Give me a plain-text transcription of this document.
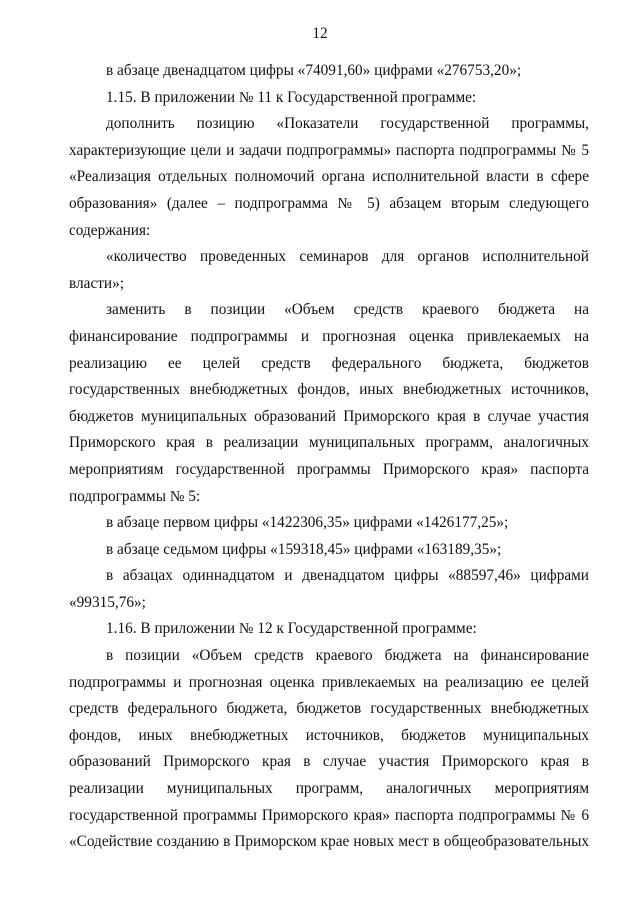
12
в абзаце двенадцатом цифры «74091,60» цифрами «276753,20»;
1.15. В приложении № 11 к Государственной программе:
дополнить позицию «Показатели государственной программы,
характеризующие цели и задачи подпрограммы» паспорта подпрограммы № 5
«Реализация отдельных полномочий органа исполнительной власти в сфере
образования» (далее – подпрограмма № 5) абзацем вторым следующего
содержания:
«количество проведенных семинаров для органов исполнительной
власти»;
заменить в позиции «Объем средств краевого бюджета на
финансирование подпрограммы и прогнозная оценка привлекаемых на
реализацию ее целей средств федерального бюджета, бюджетов
государственных внебюджетных фондов, иных внебюджетных источников,
бюджетов муниципальных образований Приморского края в случае участия
Приморского края в реализации муниципальных программ, аналогичных
мероприятиям государственной программы Приморского края» паспорта
подпрограммы № 5:
в абзаце первом цифры «1422306,35» цифрами «1426177,25»;
в абзаце седьмом цифры «159318,45» цифрами «163189,35»;
в абзацах одиннадцатом и двенадцатом цифры «88597,46» цифрами
«99315,76»;
1.16. В приложении № 12 к Государственной программе:
в позиции «Объем средств краевого бюджета на финансирование
подпрограммы и прогнозная оценка привлекаемых на реализацию ее целей
средств федерального бюджета, бюджетов государственных внебюджетных
фондов, иных внебюджетных источников, бюджетов муниципальных
образований Приморского края в случае участия Приморского края в
реализации муниципальных программ, аналогичных мероприятиям
государственной программы Приморского края» паспорта подпрограммы № 6
«Содействие созданию в Приморском крае новых мест в общеобразовательных
